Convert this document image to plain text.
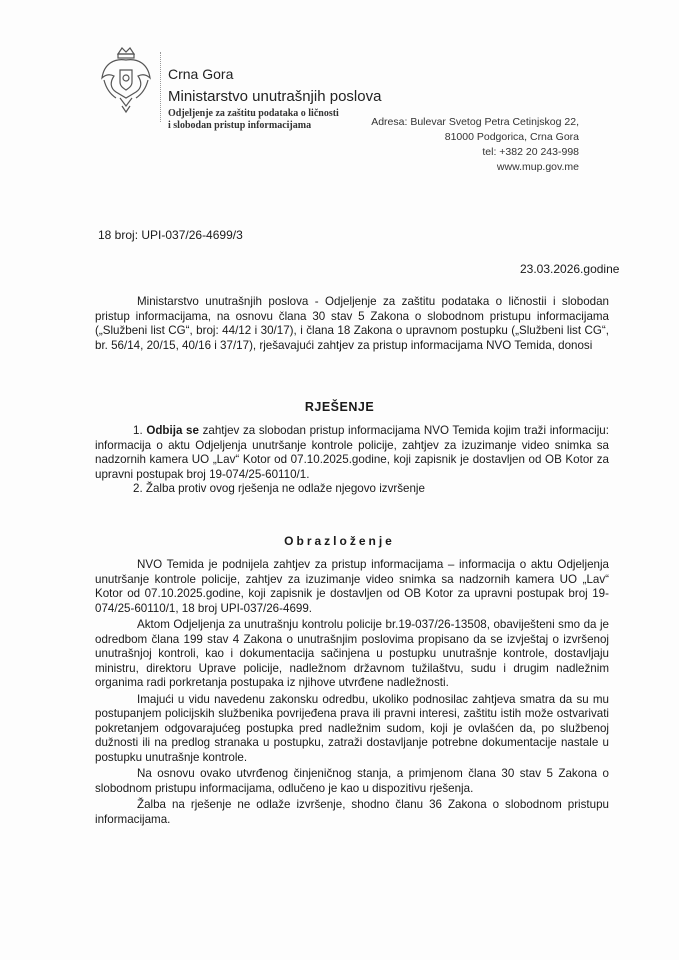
Crna Gora
Ministarstvo unutrašnjih poslova
Odjeljenje za zaštitu podataka o ličnosti
i slobodan pristup informacijama	Adresa: Bulevar Svetog Petra Cetinjskog 22,
81000 Podgorica, Crna Gora
tel: +382 20 243-998
www.mup.gov.me
18 broj: UPI-037/26-4699/3
23.03.2026.godine

Ministarstvo unutrašnjih poslova - Odjeljenje za zaštitu podataka o ličnostii i slobodan pristup informacijama, na osnovu člana 30 stav 5 Zakona o slobodnom pristupu informacijama („Službeni list CG“, broj: 44/12 i 30/17), i člana 18 Zakona o upravnom postupku („Službeni list CG“, br. 56/14, 20/15, 40/16 i 37/17), rješavajući zahtjev za pristup informacijama NVO Temida, donosi

RJEŠENJE

1. Odbija se zahtjev za slobodan pristup informacijama NVO Temida kojim traži informaciju: informacija o aktu Odjeljenja unutršanje kontrole policije, zahtjev za izuzimanje video snimka sa nadzornih kamera UO „Lav“ Kotor od 07.10.2025.godine, koji zapisnik je dostavljen od OB Kotor za upravni postupak broj 19-074/25-60110/1.

2. Žalba protiv ovog rješenja ne odlaže njegovo izvršenje

Obrazloženje

NVO Temida je podnijela zahtjev za pristup informacijama – informacija o aktu Odjeljenja unutršanje kontrole policije, zahtjev za izuzimanje video snimka sa nadzornih kamera UO „Lav“ Kotor od 07.10.2025.godine, koji zapisnik je dostavljen od OB Kotor za upravni postupak broj 19-074/25-60110/1, 18 broj UPI-037/26-4699.

Aktom Odjeljenja za unutrašnju kontrolu policije br.19-037/26-13508, obaviješteni smo da je odredbom člana 199 stav 4 Zakona o unutrašnjim poslovima propisano da se izvještaj o izvršenoj unutrašnjoj kontroli, kao i dokumentacija sačinjena u postupku unutrašnje kontrole, dostavljaju ministru, direktoru Uprave policije, nadležnom državnom tužilaštvu, sudu i drugim nadležnim organima radi porkretanja postupaka iz njihove utvrđene nadležnosti.

Imajući u vidu navedenu zakonsku odredbu, ukoliko podnosilac zahtjeva smatra da su mu postupanjem policijskih službenika povrijeđena prava ili pravni interesi, zaštitu istih može ostvarivati pokretanjem odgovarajućeg postupka pred nadležnim sudom, koji je ovlašćen da, po službenoj dužnosti ili na predlog stranaka u postupku, zatraži dostavljanje potrebne dokumentacije nastale u postupku unutrašnje kontrole.

Na osnovu ovako utvrđenog činjeničnog stanja, a primjenom člana 30 stav 5 Zakona o slobodnom pristupu informacijama, odlučeno je kao u dispozitivu rješenja.

Žalba na rješenje ne odlaže izvršenje, shodno članu 36 Zakona o slobodnom pristupu informacijama.
